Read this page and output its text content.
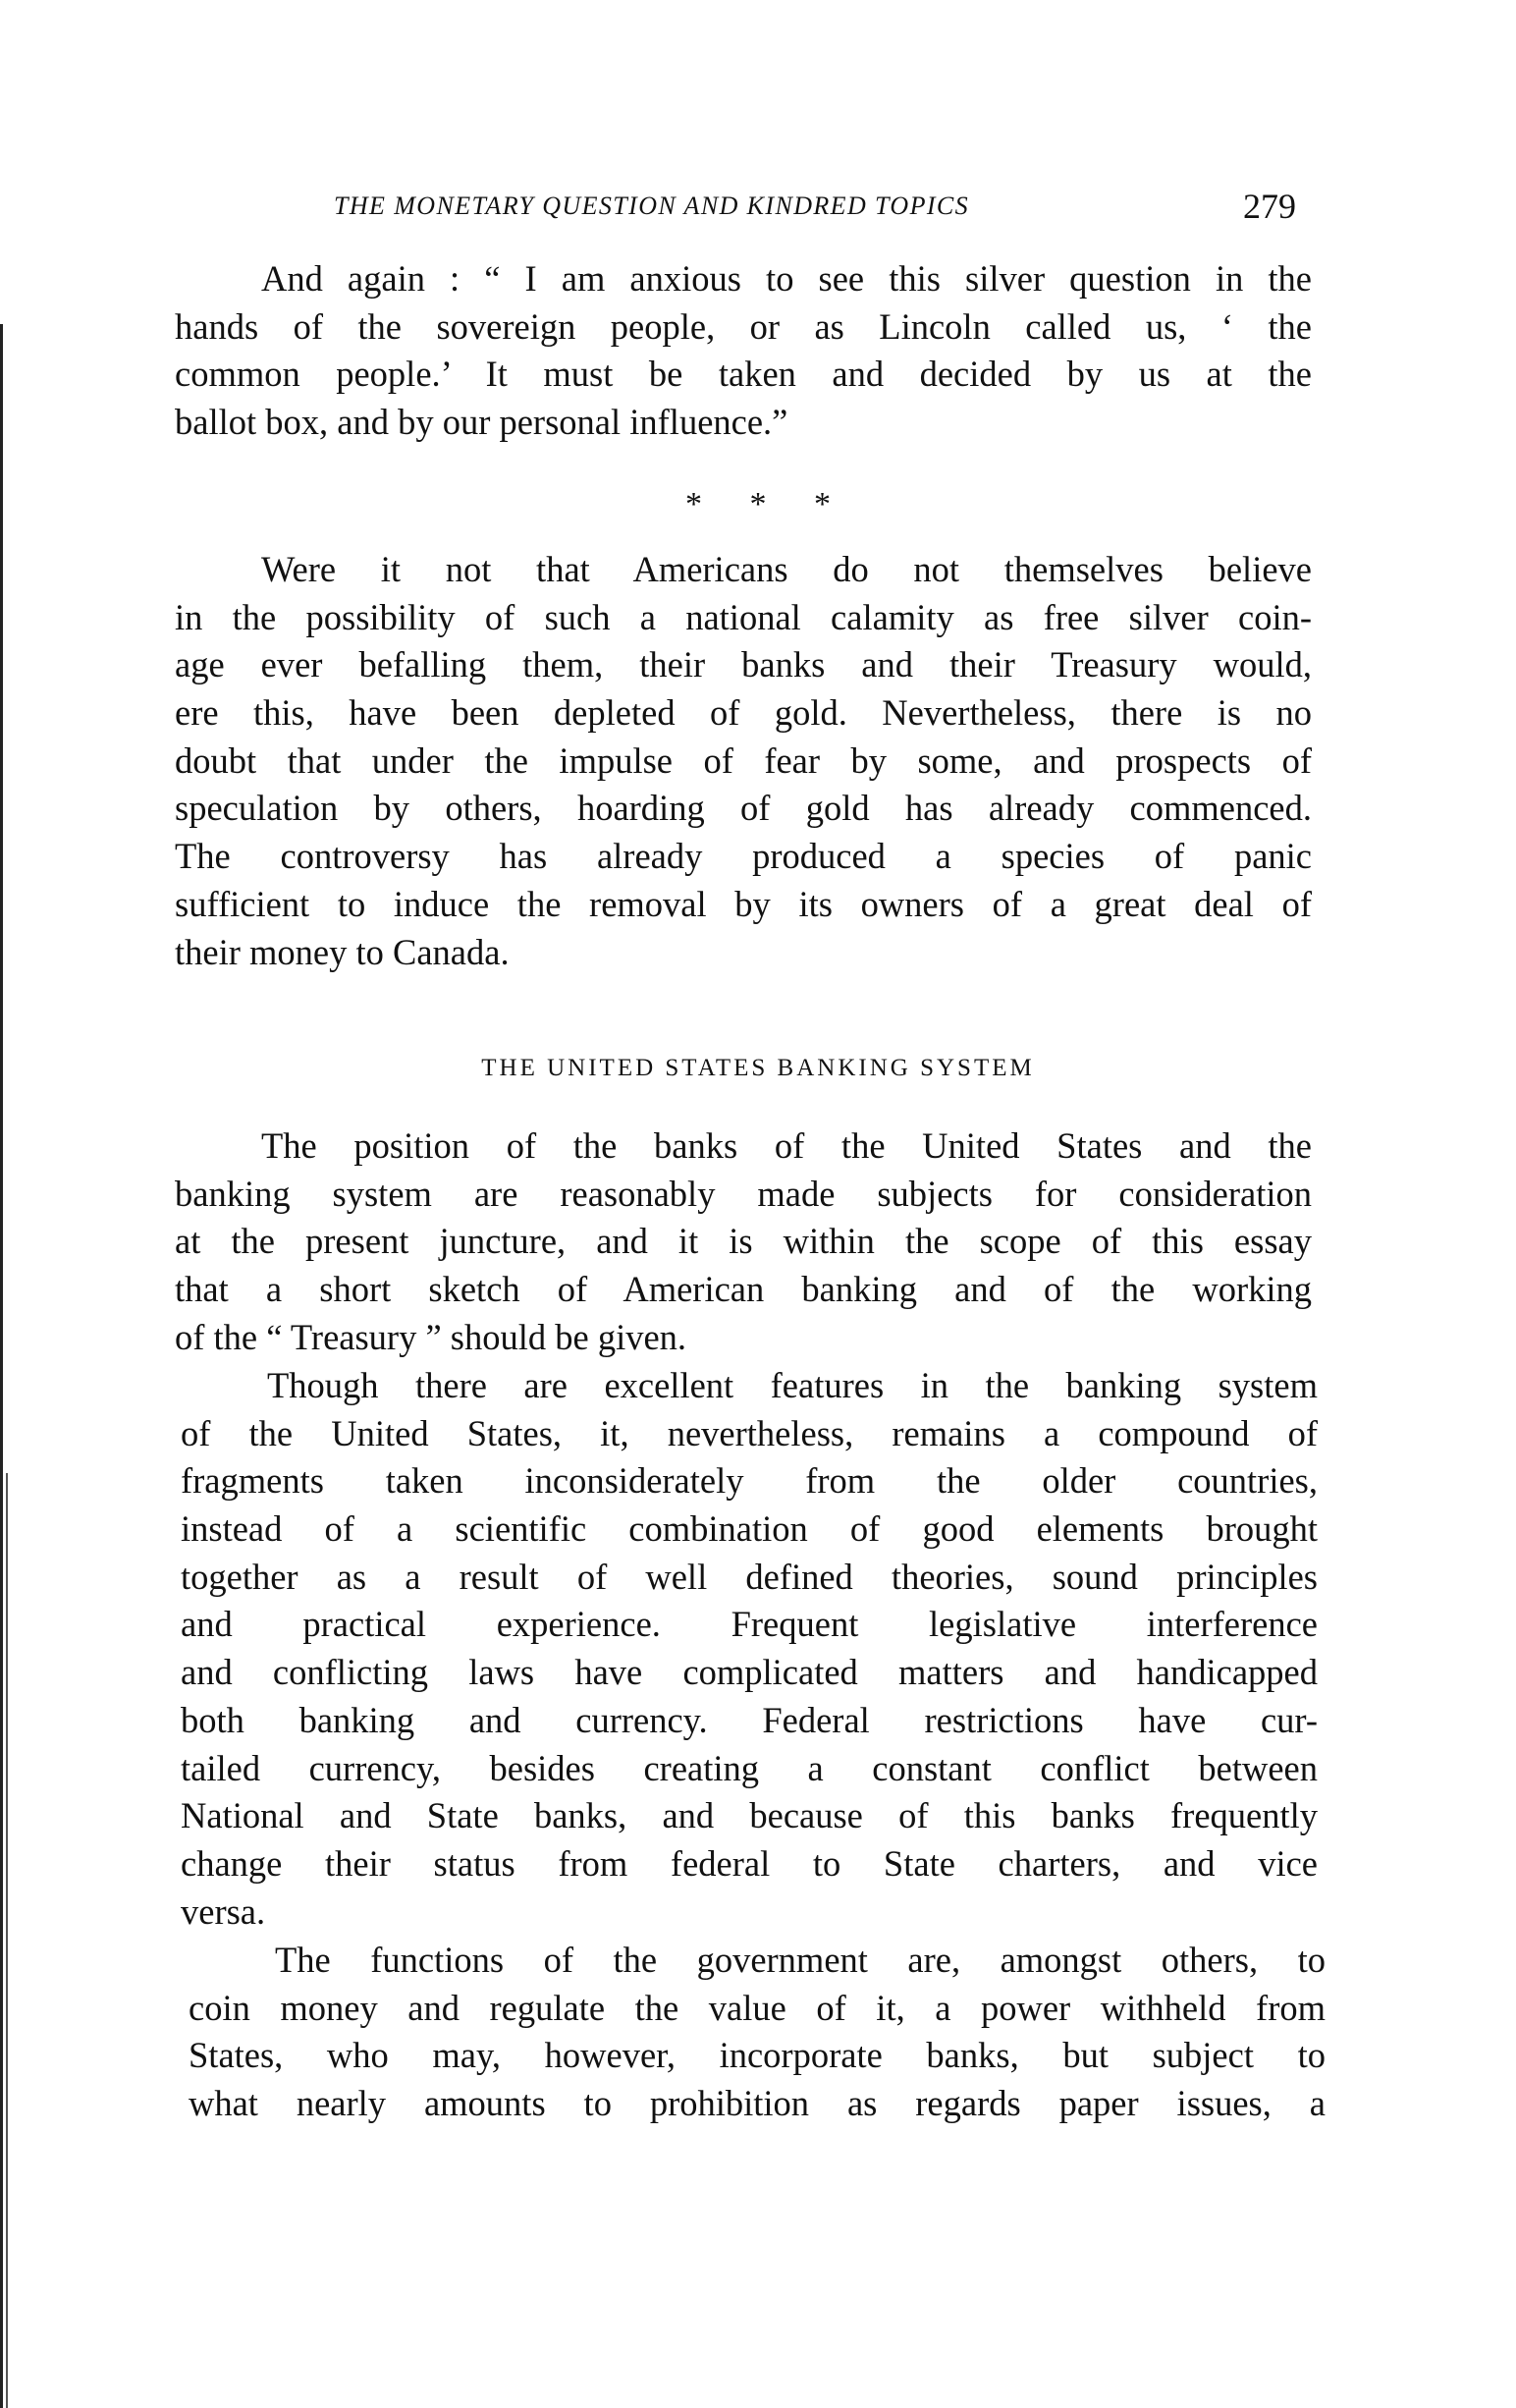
THE MONETARY QUESTION AND KINDRED TOPICS	279
And again : “ I am anxious to see this silver question in the
hands of the sovereign people, or as Lincoln called us, ‘ the
common people.’ It must be taken and decided by us at the
ballot box, and by our personal influence.”
* * *
Were it not that Americans do not themselves believe
in the possibility of such a national calamity as free silver coin-
age ever befalling them, their banks and their Treasury would,
ere this, have been depleted of gold. Nevertheless, there is no
doubt that under the impulse of fear by some, and prospects of
speculation by others, hoarding of gold has already commenced.
The controversy has already produced a species of panic
sufficient to induce the removal by its owners of a great deal of
their money to Canada.
THE UNITED STATES BANKING SYSTEM
The position of the banks of the United States and the
banking system are reasonably made subjects for consideration
at the present juncture, and it is within the scope of this essay
that a short sketch of American banking and of the working
of the “ Treasury ” should be given.
Though there are excellent features in the banking system
of the United States, it, nevertheless, remains a compound of
fragments taken inconsiderately from the older countries,
instead of a scientific combination of good elements brought
together as a result of well defined theories, sound principles
and practical experience. Frequent legislative interference
and conflicting laws have complicated matters and handicapped
both banking and currency. Federal restrictions have cur-
tailed currency, besides creating a constant conflict between
National and State banks, and because of this banks frequently
change their status from federal to State charters, and vice
versa.
The functions of the government are, amongst others, to
coin money and regulate the value of it, a power withheld from
States, who may, however, incorporate banks, but subject to
what nearly amounts to prohibition as regards paper issues, a
